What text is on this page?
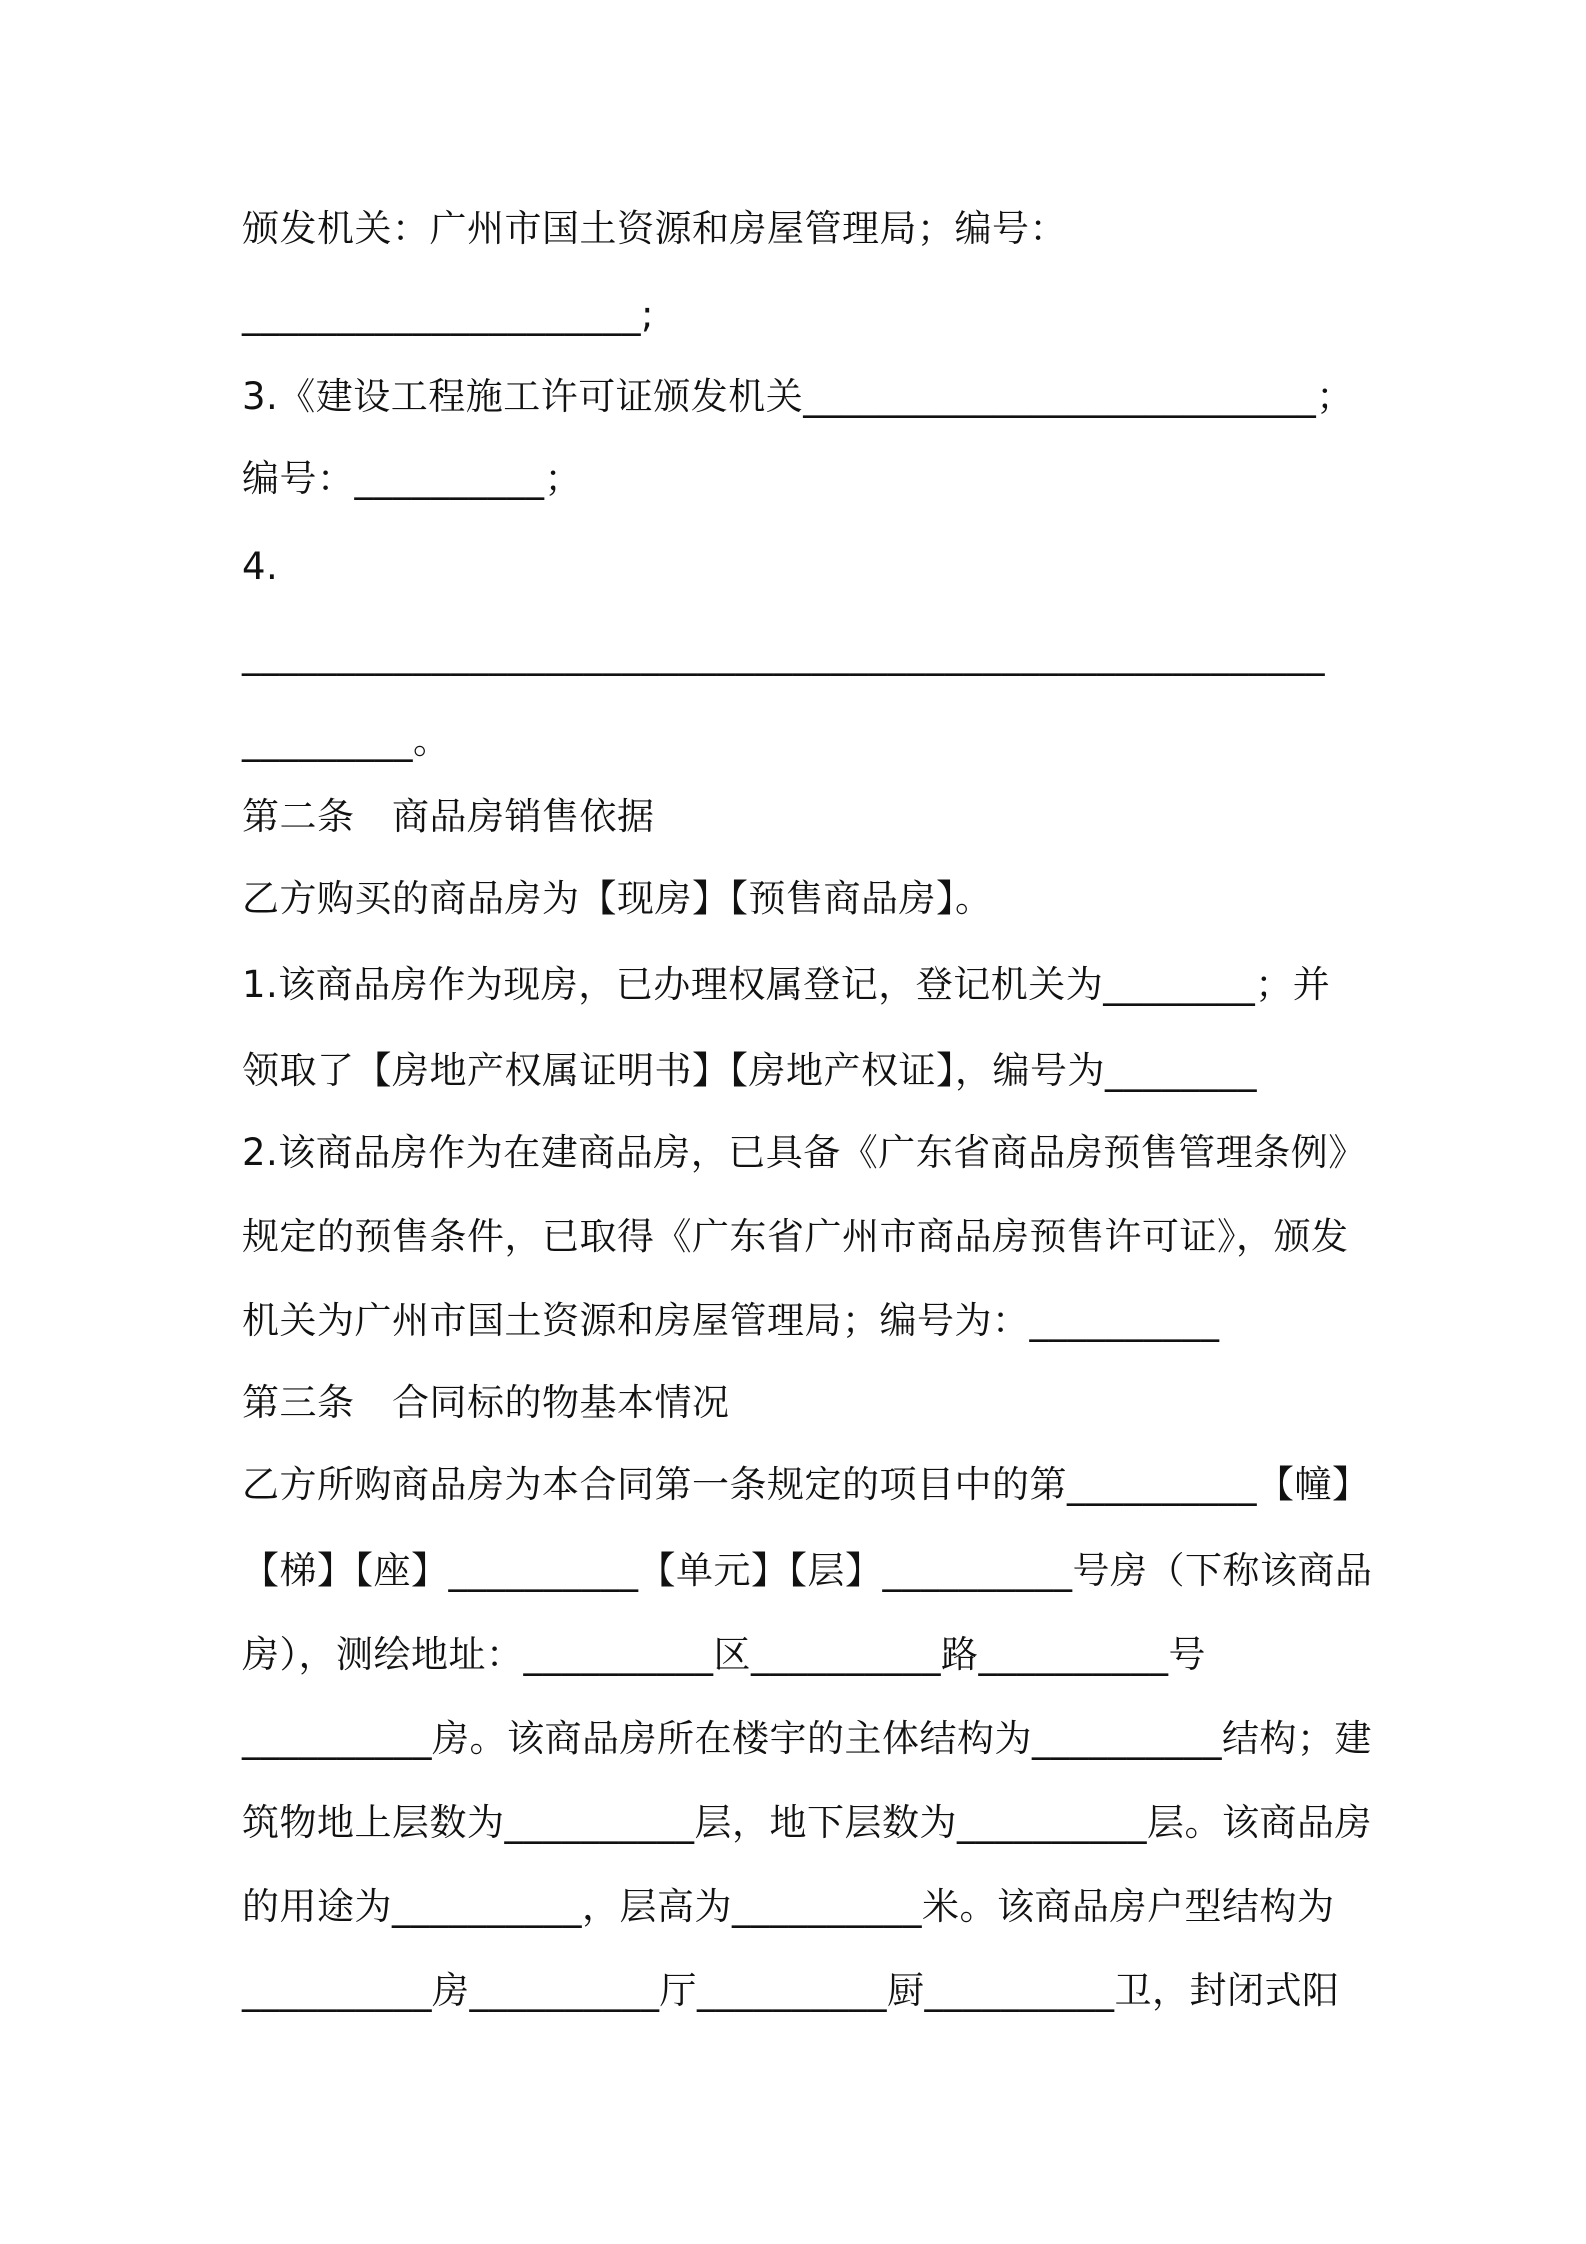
颁发机关：广州市国土资源和房屋管理局；编号：
_____________________;
3.《建设工程施工许可证颁发机关___________________________；
编号：__________；
4.
_________________________________________________________
_________。
第二条　商品房销售依据
乙方购买的商品房为【现房】【预售商品房】。
1.该商品房作为现房，已办理权属登记，登记机关为________；并
领取了【房地产权属证明书】【房地产权证】，编号为________
2.该商品房作为在建商品房，已具备《广东省商品房预售管理条例》
规定的预售条件，已取得《广东省广州市商品房预售许可证》，颁发
机关为广州市国土资源和房屋管理局；编号为：__________
第三条　合同标的物基本情况
乙方所购商品房为本合同第一条规定的项目中的第__________【幢】
【梯】【座】__________【单元】【层】__________号房（下称该商品
房），测绘地址：__________区__________路__________号
__________房。该商品房所在楼宇的主体结构为__________结构；建
筑物地上层数为__________层，地下层数为__________层。该商品房
的用途为__________，层高为__________米。该商品房户型结构为
__________房__________厅__________厨__________卫，封闭式阳
